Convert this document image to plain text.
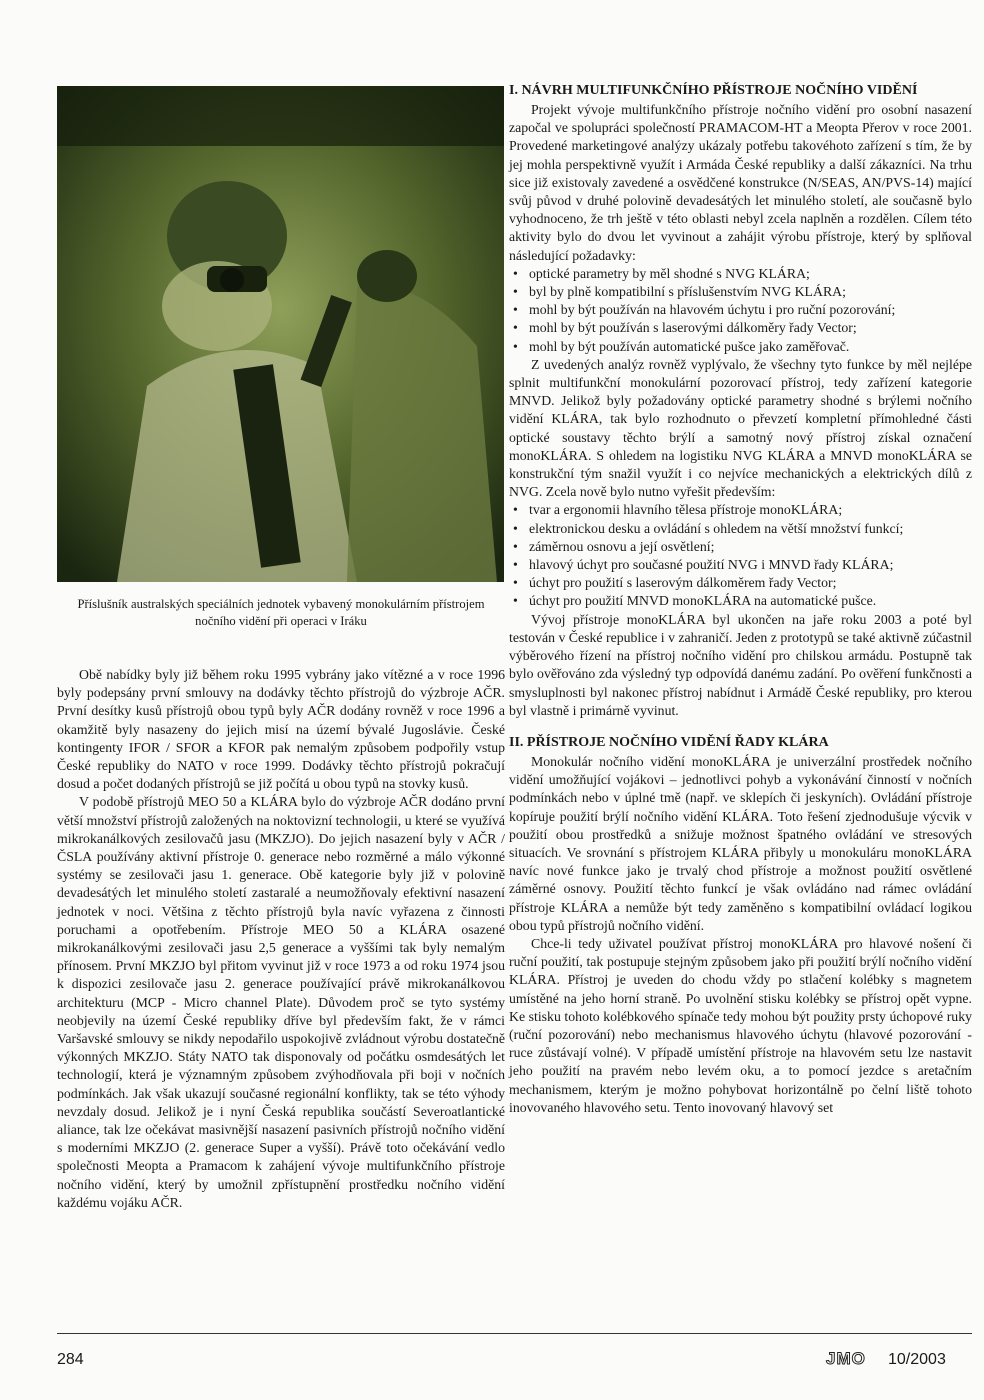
Příslušník australských speciálních jednotek vybavený monokulárním přístrojem nočního vidění při operaci v Iráku

Obě nabídky byly již během roku 1995 vybrány jako vítězné a v roce 1996 byly podepsány první smlouvy na dodávky těchto přístrojů do výzbroje AČR. První desítky kusů přístrojů obou typů byly AČR dodány rovněž v roce 1996 a okamžitě byly nasazeny do jejich misí na území bývalé Jugoslávie. České kontingenty IFOR / SFOR a KFOR pak nemalým způsobem podpořily vstup České republiky do NATO v roce 1999. Dodávky těchto přístrojů pokračují dosud a počet dodaných přístrojů se již počítá u obou typů na stovky kusů.

V podobě přístrojů MEO 50 a KLÁRA bylo do výzbroje AČR dodáno první větší množství přístrojů založených na noktovizní technologii, u které se využívá mikrokanálkových zesilovačů jasu (MKZJO). Do jejich nasazení byly v AČR / ČSLA používány aktivní přístroje 0. generace nebo rozměrné a málo výkonné systémy se zesilovači jasu 1. generace. Obě kategorie byly již v polovině devadesátých let minulého století zastaralé a neumožňovaly efektivní nasazení jednotek v noci. Většina z těchto přístrojů byla navíc vyřazena z činnosti poruchami a opotřebením. Přístroje MEO 50 a KLÁRA osazené mikrokanálkovými zesilovači jasu 2,5 generace a vyššími tak byly nemalým přínosem. První MKZJO byl přitom vyvinut již v roce 1973 a od roku 1974 jsou k dispozici zesilovače jasu 2. generace používající právě mikrokanálkovou architekturu (MCP - Micro channel Plate). Důvodem proč se tyto systémy neobjevily na území České republiky dříve byl především fakt, že v rámci Varšavské smlouvy se nikdy nepodařilo uspokojivě zvládnout výrobu dostatečně výkonných MKZJO. Státy NATO tak disponovaly od počátku osmdesátých let technologií, která je významným způsobem zvýhodňovala při boji v nočních podmínkách. Jak však ukazují současné regionální konflikty, tak se této výhody nevzdaly dosud. Jelikož je i nyní Česká republika součástí Severoatlantické aliance, tak lze očekávat masivnější nasazení pasivních přístrojů nočního vidění s moderními MKZJO (2. generace Super a vyšší). Právě toto očekávání vedlo společnosti Meopta a Pramacom k zahájení vývoje multifunkčního přístroje nočního vidění, který by umožnil zpřístupnění prostředku nočního vidění každému vojáku AČR.

I. NÁVRH MULTIFUNKČNÍHO PŘÍSTROJE NOČNÍHO VIDĚNÍ

Projekt vývoje multifunkčního přístroje nočního vidění pro osobní nasazení započal ve spolupráci společností PRAMACOM-HT a Meopta Přerov v roce 2001. Provedené marketingové analýzy ukázaly potřebu takovéhoto zařízení s tím, že by jej mohla perspektivně využít i Armáda České republiky a další zákazníci. Na trhu sice již existovaly zavedené a osvědčené konstrukce (N/SEAS, AN/PVS-14) mající svůj původ v druhé polovině devadesátých let minulého století, ale současně bylo vyhodnoceno, že trh ještě v této oblasti nebyl zcela naplněn a rozdělen. Cílem této aktivity bylo do dvou let vyvinout a zahájit výrobu přístroje, který by splňoval následující požadavky:

• optické parametry by měl shodné s NVG KLÁRA;
• byl by plně kompatibilní s příslušenstvím NVG KLÁRA;
• mohl by být používán na hlavovém úchytu i pro ruční pozorování;
• mohl by být používán s laserovými dálkoměry řady Vector;
• mohl by být používán automatické pušce jako zaměřovač.

Z uvedených analýz rovněž vyplývalo, že všechny tyto funkce by měl nejlépe splnit multifunkční monokulární pozorovací přístroj, tedy zařízení kategorie MNVD. Jelikož byly požadovány optické parametry shodné s brýlemi nočního vidění KLÁRA, tak bylo rozhodnuto o převzetí kompletní přímohledné části optické soustavy těchto brýlí a samotný nový přístroj získal označení monoKLÁRA. S ohledem na logistiku NVG KLÁRA a MNVD monoKLÁRA se konstrukční tým snažil využít i co nejvíce mechanických a elektrických dílů z NVG. Zcela nově bylo nutno vyřešit především:

• tvar a ergonomii hlavního tělesa přístroje monoKLÁRA;
• elektronickou desku a ovládání s ohledem na větší množství funkcí;
• záměrnou osnovu a její osvětlení;
• hlavový úchyt pro současné použití NVG i MNVD řady KLÁRA;
• úchyt pro použití s laserovým dálkoměrem řady Vector;
• úchyt pro použití MNVD monoKLÁRA na automatické pušce.

Vývoj přístroje monoKLÁRA byl ukončen na jaře roku 2003 a poté byl testován v České republice i v zahraničí. Jeden z prototypů se také aktivně zúčastnil výběrového řízení na přístroj nočního vidění pro chilskou armádu. Postupně tak bylo ověřováno zda výsledný typ odpovídá danému zadání. Po ověření funkčnosti a smysluplnosti byl nakonec přístroj nabídnut i Armádě České republiky, pro kterou byl vlastně i primárně vyvinut.

II. PŘÍSTROJE NOČNÍHO VIDĚNÍ ŘADY KLÁRA

Monokulár nočního vidění monoKLÁRA je univerzální prostředek nočního vidění umožňující vojákovi – jednotlivci pohyb a vykonávání činností v nočních podmínkách nebo v úplné tmě (např. ve sklepích či jeskyních). Ovládání přístroje kopíruje použití brýlí nočního vidění KLÁRA. Toto řešení zjednodušuje výcvik v použití obou prostředků a snižuje možnost špatného ovládání ve stresových situacích. Ve srovnání s přístrojem KLÁRA přibyly u monokuláru monoKLÁRA navíc nové funkce jako je trvalý chod přístroje a možnost použití osvětlené záměrné osnovy. Použití těchto funkcí je však ovládáno nad rámec ovládání přístroje KLÁRA a nemůže být tedy zaměněno s kompatibilní ovládací logikou obou typů přístrojů nočního vidění.

Chce-li tedy uživatel používat přístroj monoKLÁRA pro hlavové nošení či ruční použití, tak postupuje stejným způsobem jako při použití brýlí nočního vidění KLÁRA. Přístroj je uveden do chodu vždy po stlačení kolébky s magnetem umístěné na jeho horní straně. Po uvolnění stisku kolébky se přístroj opět vypne. Ke stisku tohoto kolébkového spínače tedy mohou být použity prsty úchopové ruky (ruční pozorování) nebo mechanismus hlavového úchytu (hlavové pozorování - ruce zůstávají volné). V případě umístění přístroje na hlavovém setu lze nastavit jeho použití na pravém nebo levém oku, a to pomocí jezdce s aretačním mechanismem, kterým je možno pohybovat horizontálně po čelní liště tohoto inovovaného hlavového setu. Tento inovovaný hlavový set

284	JMO 10/2003
